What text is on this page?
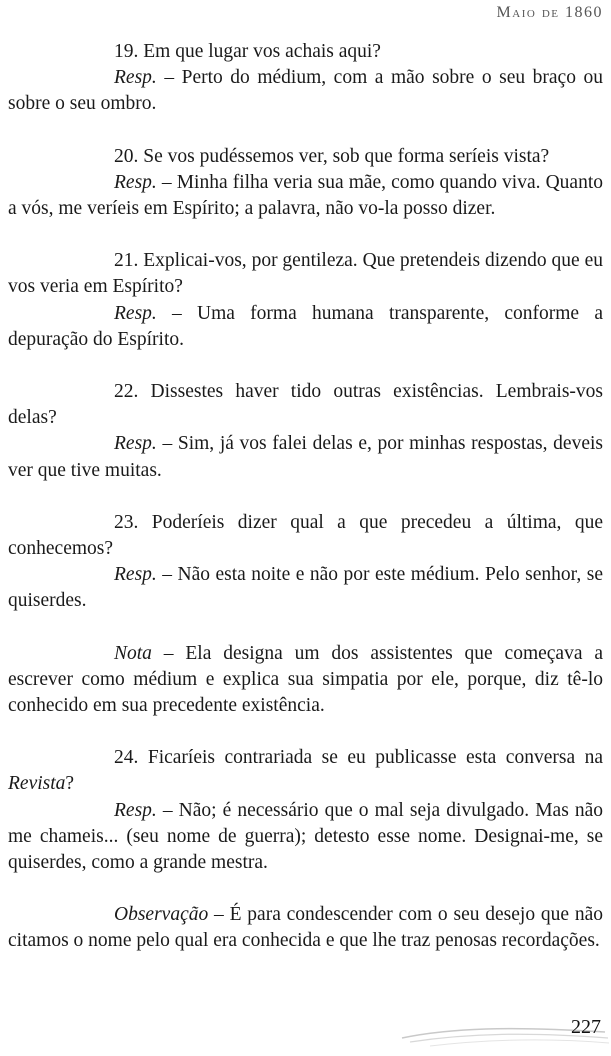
Maio de 1860

19. Em que lugar vos achais aqui?

Resp. – Perto do médium, com a mão sobre o seu braço ou sobre o seu ombro.

20. Se vos pudéssemos ver, sob que forma seríeis vista?

Resp. – Minha filha veria sua mãe, como quando viva. Quanto a vós, me veríeis em Espírito; a palavra, não vo-la posso dizer.

21. Explicai-vos, por gentileza. Que pretendeis dizendo que eu vos veria em Espírito?

Resp. – Uma forma humana transparente, conforme a depuração do Espírito.

22. Dissestes haver tido outras existências. Lembrais-vos delas?

Resp. – Sim, já vos falei delas e, por minhas respostas, deveis ver que tive muitas.

23. Poderíeis dizer qual a que precedeu a última, que conhecemos?

Resp. – Não esta noite e não por este médium. Pelo senhor, se quiserdes.

Nota – Ela designa um dos assistentes que começava a escrever como médium e explica sua simpatia por ele, porque, diz tê-lo conhecido em sua precedente existência.

24. Ficaríeis contrariada se eu publicasse esta conversa na Revista?

Resp. – Não; é necessário que o mal seja divulgado. Mas não me chameis... (seu nome de guerra); detesto esse nome. Designai-me, se quiserdes, como a grande mestra.

Observação – É para condescender com o seu desejo que não citamos o nome pelo qual era conhecida e que lhe traz penosas recordações.

227
